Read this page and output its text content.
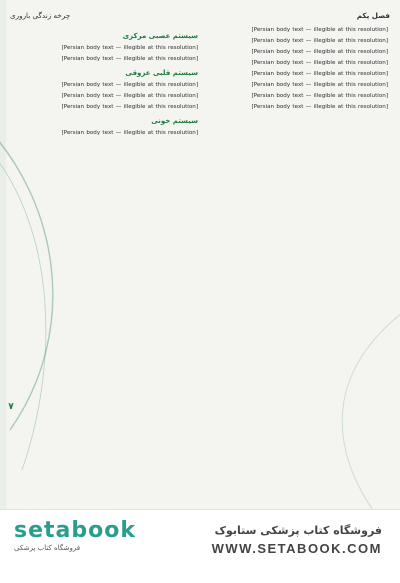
فصل یکم
چرخه زندگی باروری

[Persian body text — illegible at this resolution]

[Persian body text — illegible at this resolution]

[Persian body text — illegible at this resolution]

[Persian body text — illegible at this resolution]

[Persian body text — illegible at this resolution]

[Persian body text — illegible at this resolution]

[Persian body text — illegible at this resolution]

[Persian body text — illegible at this resolution]

سیستم عصبی مرکزی

[Persian body text — illegible at this resolution]

[Persian body text — illegible at this resolution]

سیستم قلبی عروقی

[Persian body text — illegible at this resolution]

[Persian body text — illegible at this resolution]

[Persian body text — illegible at this resolution]

سیستم خونی

[Persian body text — illegible at this resolution]

۷
setabook
فروشگاه کتاب پزشکی
فروشگاه کتاب پزشکی ستابوک
WWW.SETABOOK.COM
